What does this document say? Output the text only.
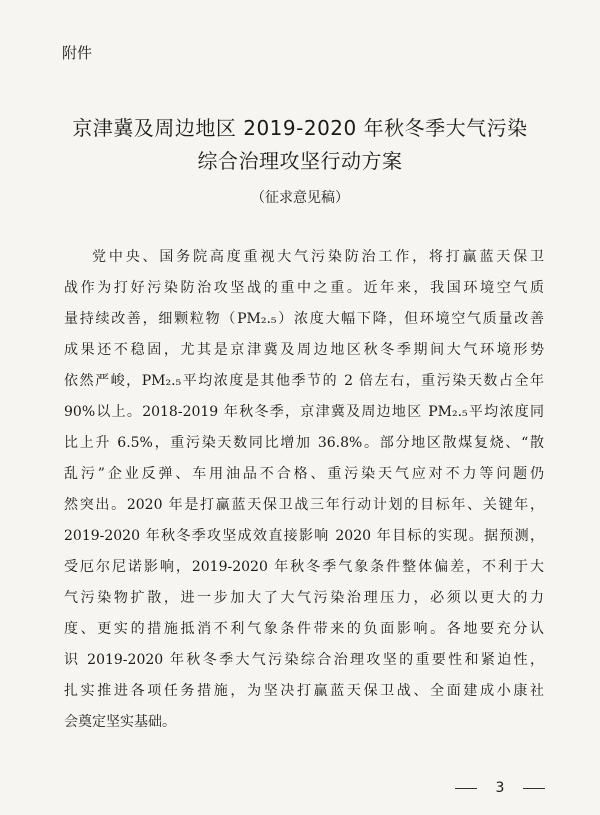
附件
京津冀及周边地区 2019-2020 年秋冬季大气污染
综合治理攻坚行动方案
（征求意见稿）
党中央、国务院高度重视大气污染防治工作，将打赢蓝天保卫
战作为打好污染防治攻坚战的重中之重。近年来，我国环境空气质
量持续改善，细颗粒物（PM₂.₅）浓度大幅下降，但环境空气质量改善
成果还不稳固，尤其是京津冀及周边地区秋冬季期间大气环境形势
依然严峻，PM₂.₅平均浓度是其他季节的 2 倍左右，重污染天数占全年
90%以上。2018-2019 年秋冬季，京津冀及周边地区 PM₂.₅平均浓度同
比上升 6.5%，重污染天数同比增加 36.8%。部分地区散煤复烧、“散
乱污”企业反弹、车用油品不合格、重污染天气应对不力等问题仍
然突出。2020 年是打赢蓝天保卫战三年行动计划的目标年、关键年，
2019-2020 年秋冬季攻坚成效直接影响 2020 年目标的实现。据预测，
受厄尔尼诺影响，2019-2020 年秋冬季气象条件整体偏差，不利于大
气污染物扩散，进一步加大了大气污染治理压力，必须以更大的力
度、更实的措施抵消不利气象条件带来的负面影响。各地要充分认
识 2019-2020 年秋冬季大气污染综合治理攻坚的重要性和紧迫性，
扎实推进各项任务措施，为坚决打赢蓝天保卫战、全面建成小康社
会奠定坚实基础。
3
